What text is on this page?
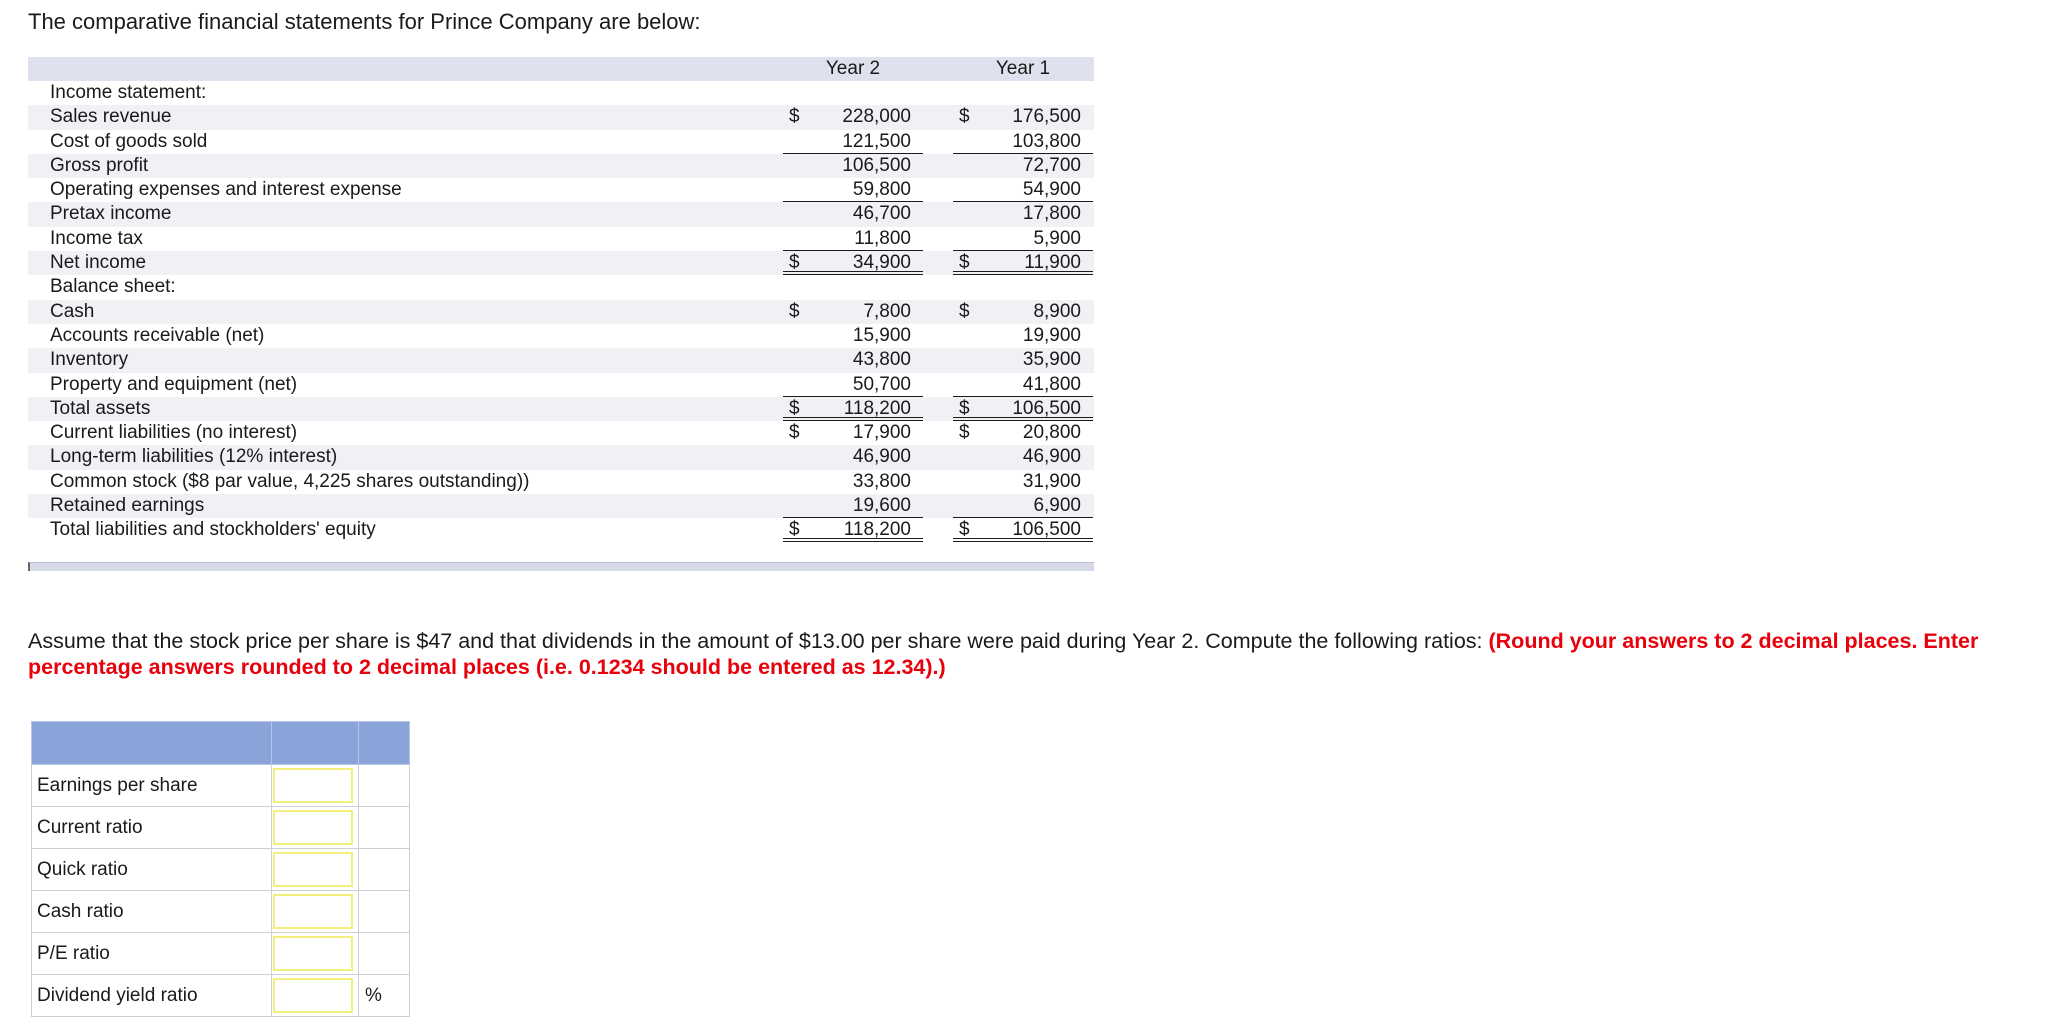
The comparative financial statements for Prince Company are below:
Year 2	Year 1
Income statement:
Sales revenue	$ 228,000	$ 176,500
Cost of goods sold	121,500	103,800
Gross profit	106,500	72,700
Operating expenses and interest expense	59,800	54,900
Pretax income	46,700	17,800
Income tax	11,800	5,900
Net income	$	34,900	$	11,900
Balance sheet:
Cash	$	7,800	$	8,900
Accounts receivable (net)	15,900	19,900
Inventory	43,800	35,900
Property and equipment (net)	50,700	41,800
Total assets	$ 118,200	$ 106,500
Current liabilities (no interest)	$	17,900	$	20,800
Long-term liabilities (12% interest)	46,900	46,900
Common stock ($8 par value, 4,225 shares outstanding))	33,800	31,900
Retained earnings	19,600	6,900
Total liabilities and stockholders' equity	$ 118,200	$ 106,500
Assume that the stock price per share is $47 and that dividends in the amount of $13.00 per share were paid during Year 2. Compute the following ratios: (Round your answers to 2 decimal places. Enter percentage answers rounded to 2 decimal places (i.e. 0.1234 should be entered as 12.34).)

Earnings per share	

Current ratio	

Quick ratio	

Cash ratio	

P/E ratio	

Dividend yield ratio		%
